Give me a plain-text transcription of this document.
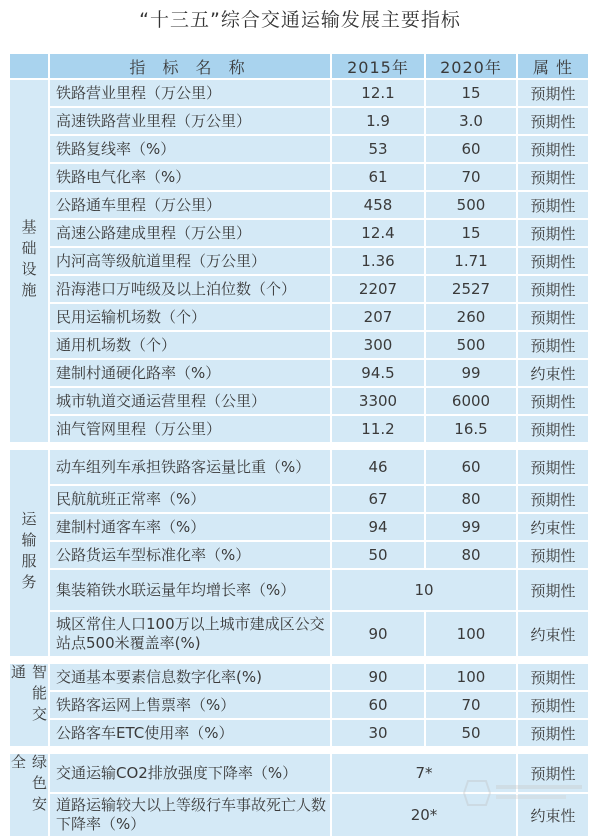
“十三五”综合交通运输发展主要指标
指 标 名 称	2015年	2020年	属 性
基础设施
铁路营业里程（万公里）	12.1	15	预期性
高速铁路营业里程（万公里）	1.9	3.0	预期性
铁路复线率（%）	53	60	预期性
铁路电气化率（%）	61	70	预期性
公路通车里程（万公里）	458	500	预期性
高速公路建成里程（万公里）	12.4	15	预期性
内河高等级航道里程（万公里）	1.36	1.71	预期性
沿海港口万吨级及以上泊位数（个）	2207	2527	预期性
民用运输机场数（个）	207	260	预期性
通用机场数（个）	300	500	预期性
建制村通硬化路率（%）	94.5	99	约束性
城市轨道交通运营里程（公里）	3300	6000	预期性
油气管网里程（万公里）	11.2	16.5	预期性
运输服务
动车组列车承担铁路客运量比重（%）	46	60	预期性
民航航班正常率（%）	67	80	预期性
建制村通客车率（%）	94	99	约束性
公路货运车型标准化率（%）	50	80	预期性
集装箱铁水联运量年均增长率（%）	10	预期性
城区常住人口100万以上城市建成区公交站点500米覆盖率(%)	90	100	约束性
智能交通	交通基本要素信息数字化率(%)	90	100	预期性
铁路客运网上售票率（%）	60	70	预期性
公路客车ETC使用率（%）	30	50	预期性
绿色安全	交通运输CO2排放强度下降率（%）	7*	预期性
道路运输较大以上等级行车事故死亡人数下降率（%）	20*	约束性
